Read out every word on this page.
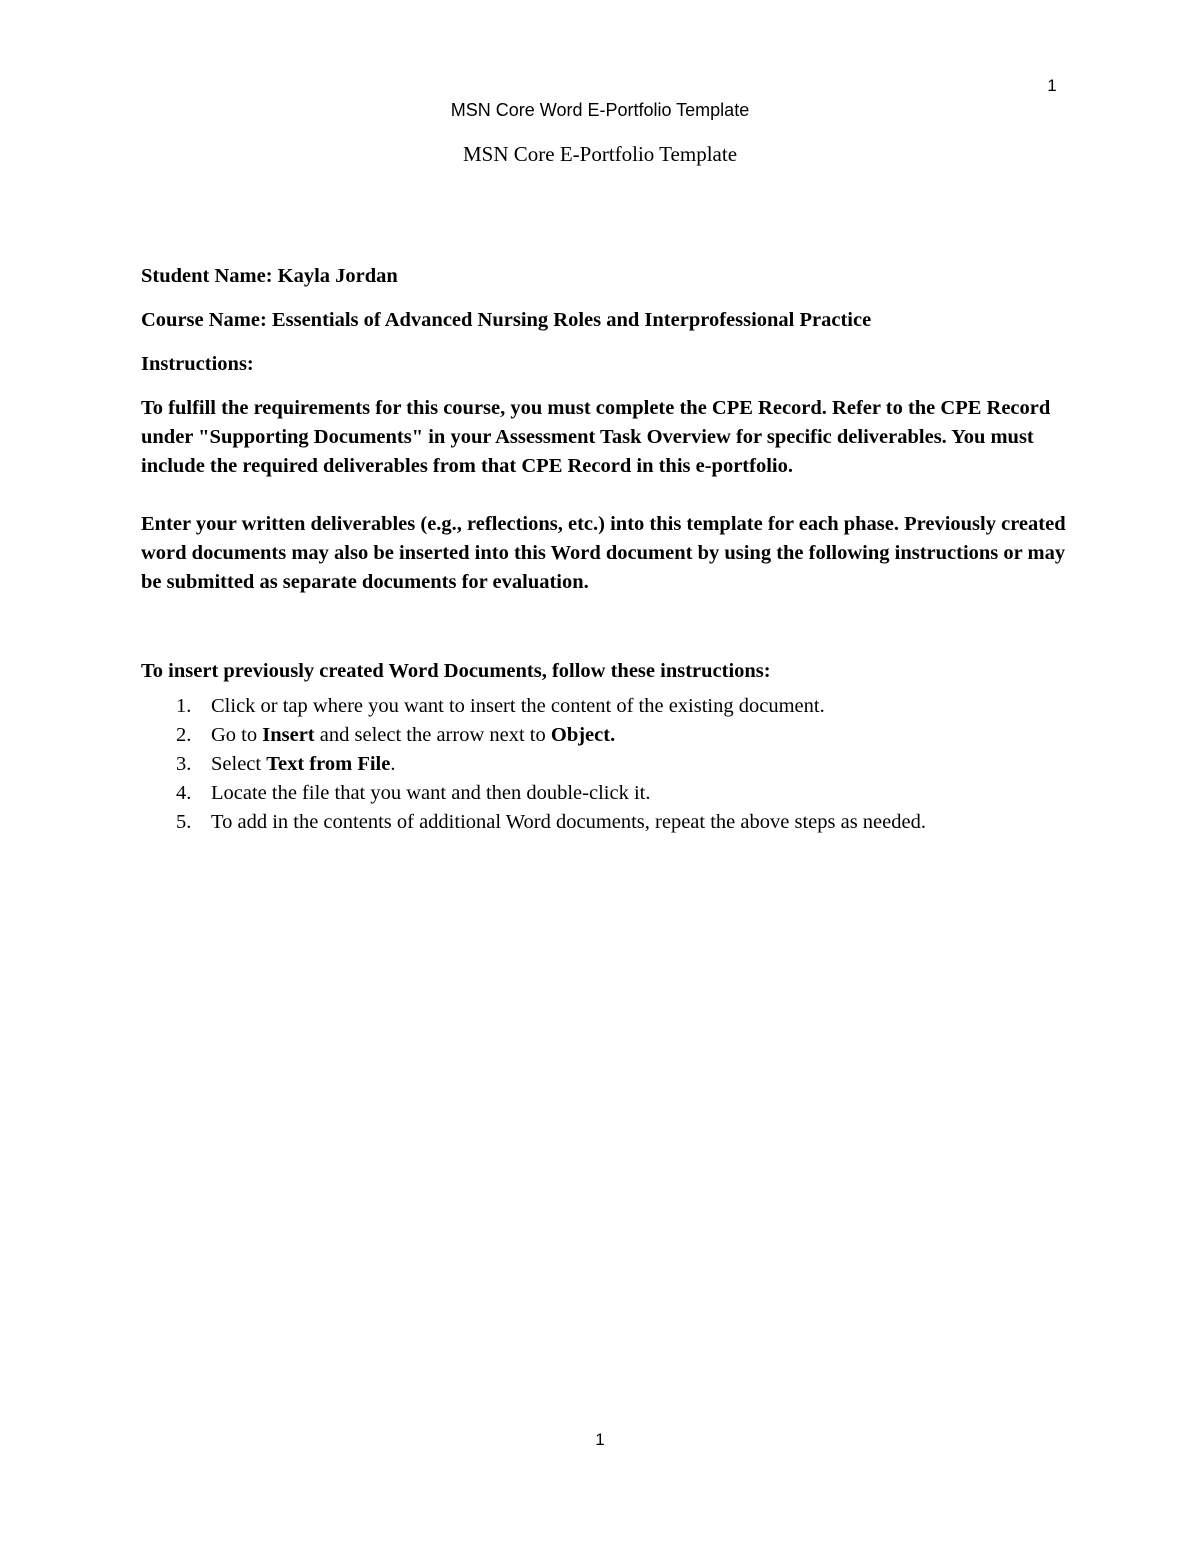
1
MSN Core Word E-Portfolio Template
MSN Core E-Portfolio Template

Student Name: Kayla Jordan

Course Name: Essentials of Advanced Nursing Roles and Interprofessional Practice

Instructions:

To fulfill the requirements for this course, you must complete the CPE Record. Refer to the CPE Record under "Supporting Documents" in your Assessment Task Overview for specific deliverables. You must include the required deliverables from that CPE Record in this e-portfolio.

Enter your written deliverables (e.g., reflections, etc.) into this template for each phase. Previously created word documents may also be inserted into this Word document by using the following instructions or may be submitted as separate documents for evaluation.

To insert previously created Word Documents, follow these instructions:

1. Click or tap where you want to insert the content of the existing document.
2. Go to Insert and select the arrow next to Object.
3. Select Text from File.
4. Locate the file that you want and then double-click it.
5. To add in the contents of additional Word documents, repeat the above steps as needed.
1
